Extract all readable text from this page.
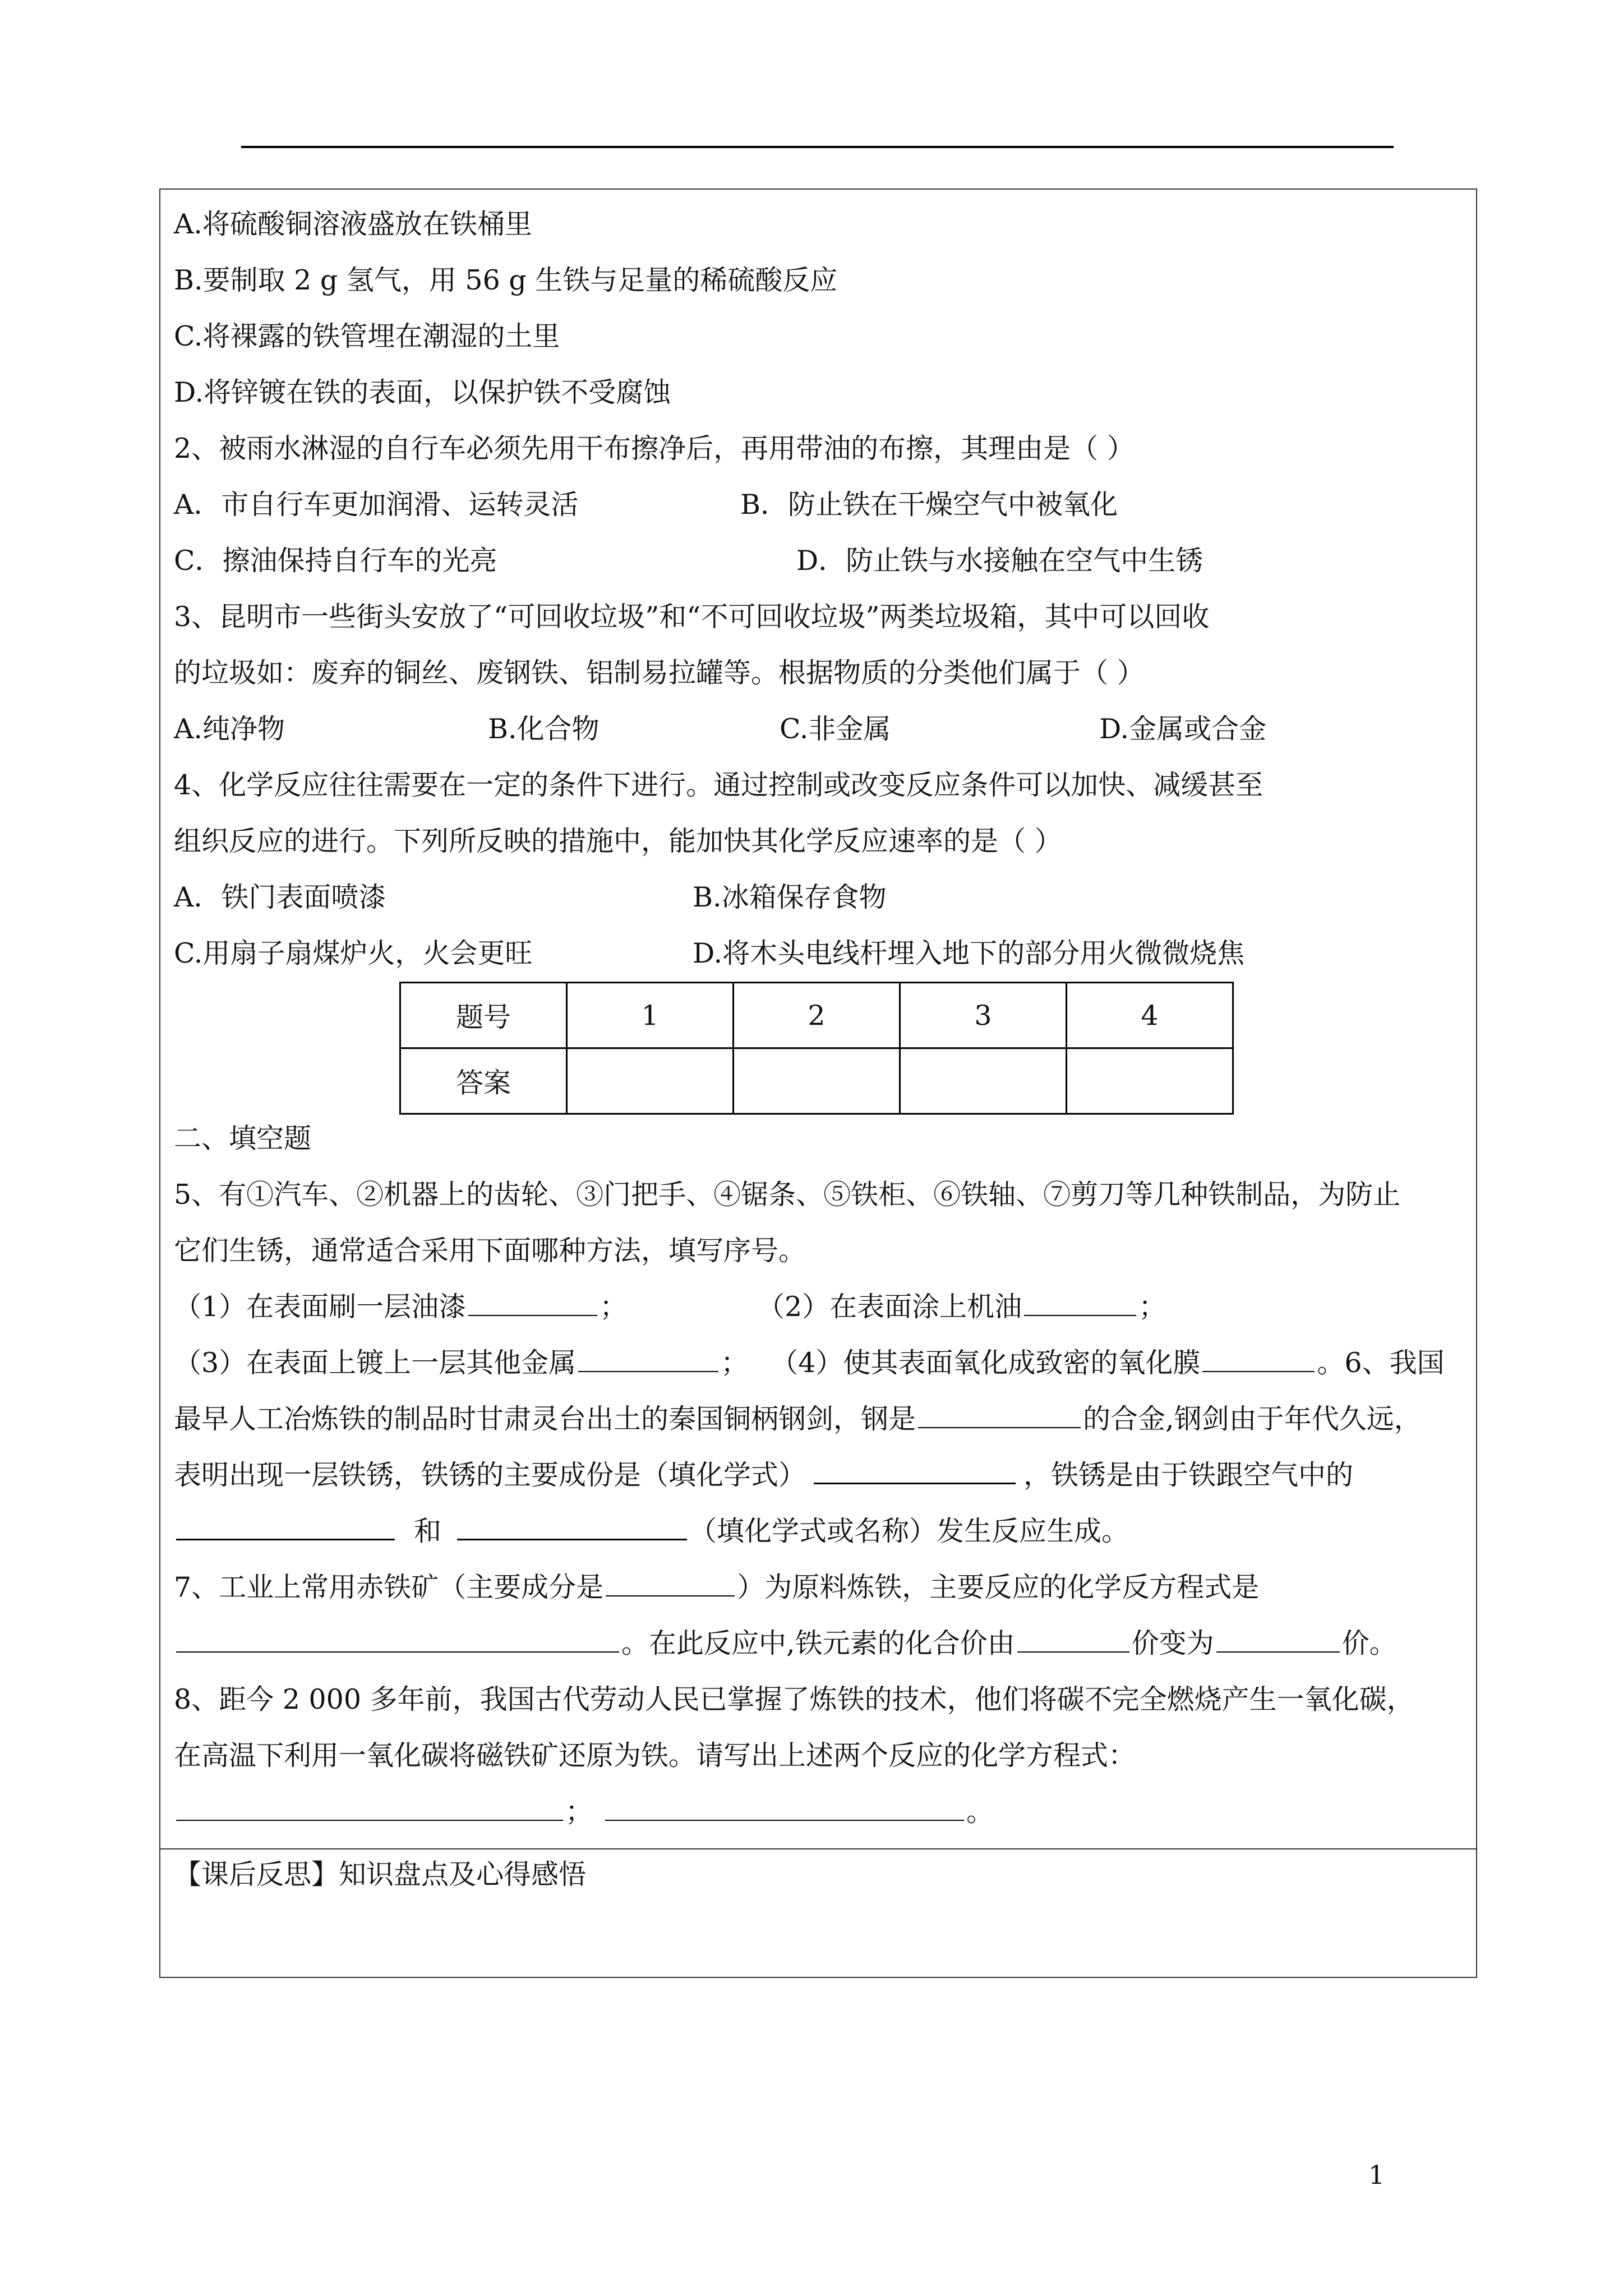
A.将硫酸铜溶液盛放在铁桶里
B.要制取 2 g 氢气，用 56 g 生铁与足量的稀硫酸反应
C.将裸露的铁管埋在潮湿的土里
D.将锌镀在铁的表面，以保护铁不受腐蚀
2、被雨水淋湿的自行车必须先用干布擦净后，再用带油的布擦，其理由是（ ）
A．市自行车更加润滑、运转灵活	B．防止铁在干燥空气中被氧化
C．擦油保持自行车的光亮	D．防止铁与水接触在空气中生锈
3、昆明市一些街头安放了“可回收垃圾”和“不可回收垃圾”两类垃圾箱，其中可以回收
的垃圾如：废弃的铜丝、废钢铁、铝制易拉罐等。根据物质的分类他们属于（ ）
A.纯净物	B.化合物	C.非金属	D.金属或合金
4、化学反应往往需要在一定的条件下进行。通过控制或改变反应条件可以加快、减缓甚至
组织反应的进行。下列所反映的措施中，能加快其化学反应速率的是（ ）
A．铁门表面喷漆	B.冰箱保存食物
C.用扇子扇煤炉火，火会更旺	D.将木头电线杆埋入地下的部分用火微微烧焦
题号	1	2	3	4
答案				
二、填空题
5、有①汽车、②机器上的齿轮、③门把手、④锯条、⑤铁柜、⑥铁轴、⑦剪刀等几种铁制品，为防止
它们生锈，通常适合采用下面哪种方法，填写序号。
（1）在表面刷一层油漆	；	（2）在表面涂上机油	；
（3）在表面上镀上一层其他金属	； （4）使其表面氧化成致密的氧化膜	。6、我国
最早人工冶炼铁的制品时甘肃灵台出土的秦国铜柄钢剑，钢是	的合金,钢剑由于年代久远，
表明出现一层铁锈，铁锈的主要成份是（填化学式）	，铁锈是由于铁跟空气中的
和	（填化学式或名称）发生反应生成。
7、工业上常用赤铁矿（主要成分是	）为原料炼铁，主要反应的化学反方程式是
。在此反应中,铁元素的化合价由	价变为	价。
8、距今 2 000 多年前，我国古代劳动人民已掌握了炼铁的技术，他们将碳不完全燃烧产生一氧化碳，
在高温下利用一氧化碳将磁铁矿还原为铁。请写出上述两个反应的化学方程式：
；	。
【课后反思】知识盘点及心得感悟
1
